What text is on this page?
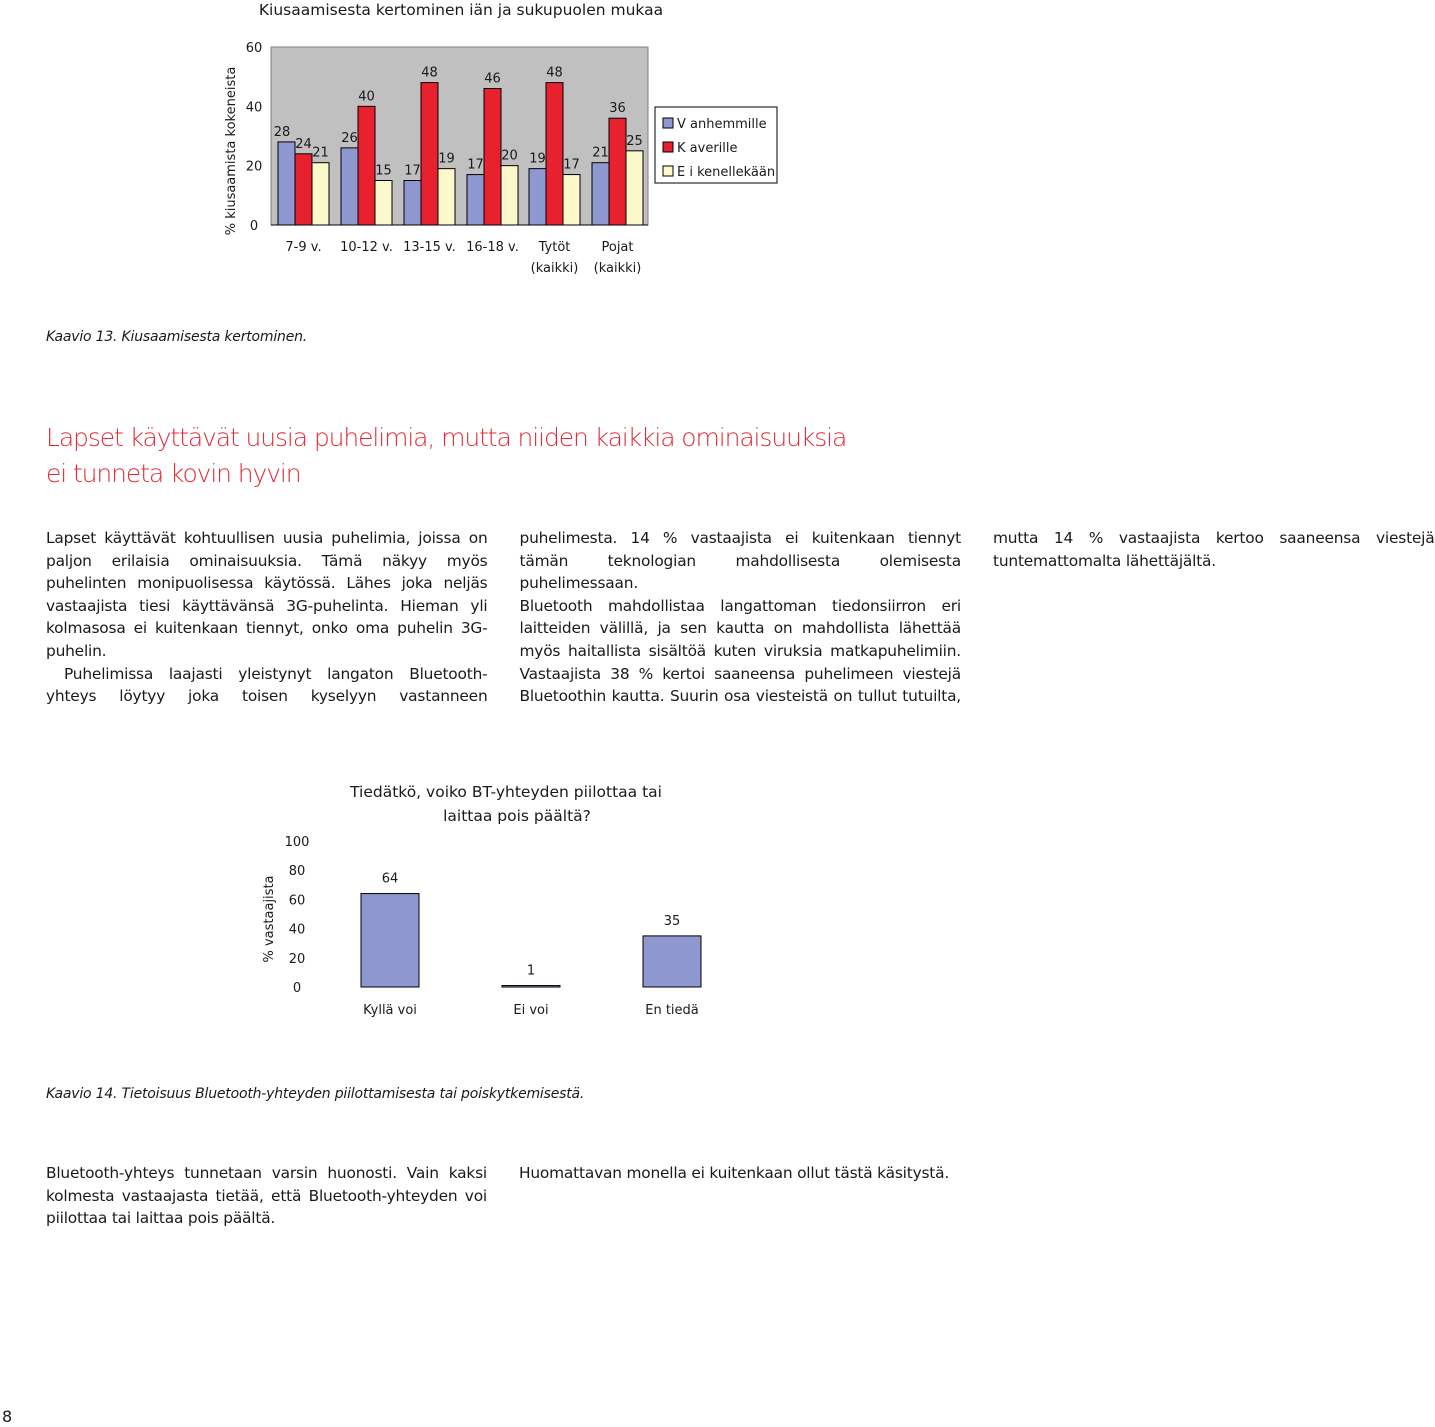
Kiusaamisesta kertominen iän ja sukupuolen mukaa
0
20
40
60
% kiusaamista kokeneista	28
24
21
7-9 v.
26
40
15
10-12 v.
17
48
19
13-15 v.
17
46
20
16-18 v.
19
48
17
Tytöt
(kaikki)
21
36
25
Pojat
(kaikki)
V anhemmille
K averille
E i kenellekään
Kaavio 13. Kiusaamisesta kertominen.
Lapset käyttävät uusia puhelimia, mutta niiden kaikkia ominaisuuksia
ei tunneta kovin hyvin

Lapset käyttävät kohtuullisen uusia puhelimia, joissa on paljon erilaisia ominaisuuksia. Tämä näkyy myös puhelinten monipuolisessa käytössä. Lähes joka neljäs vastaajista tiesi käyttävänsä 3G-puhelinta. Hieman yli kolmasosa ei kuitenkaan tiennyt, onko oma puhelin 3G-puhelin.

Puhelimissa laajasti yleistynyt langaton Bluetooth-yhteys löytyy joka toisen kyselyyn vastanneen puhelimesta. 14 % vastaajista ei kuitenkaan tiennyt tämän teknologian mahdollisesta olemisesta puhelimessaan.

Bluetooth mahdollistaa langattoman tiedonsiirron eri laitteiden välillä, ja sen kautta on mahdollista lähettää myös haitallista sisältöä kuten viruksia matkapuhelimiin. Vastaajista 38 % kertoi saaneensa puhelimeen viestejä Bluetoothin kautta. Suurin osa viesteistä on tullut tutuilta, mutta 14 % vastaajista kertoo saaneensa viestejä tuntemattomalta lähettäjältä.

Tiedätkö, voiko BT-yhteyden piilottaa tai
laittaa pois päältä?
0
20
40
60
80
100
% vastaajista	64
Kyllä voi
1
Ei voi
35
En tiedä
Kaavio 14. Tietoisuus Bluetooth-yhteyden piilottamisesta tai poiskytkemisestä.
Bluetooth-yhteys tunnetaan varsin huonosti. Vain kaksi kolmesta vastaajasta tietää, että Bluetooth-yhteyden voi piilottaa tai laittaa pois päältä.
Huomattavan monella ei kuitenkaan ollut tästä käsitystä.
8
